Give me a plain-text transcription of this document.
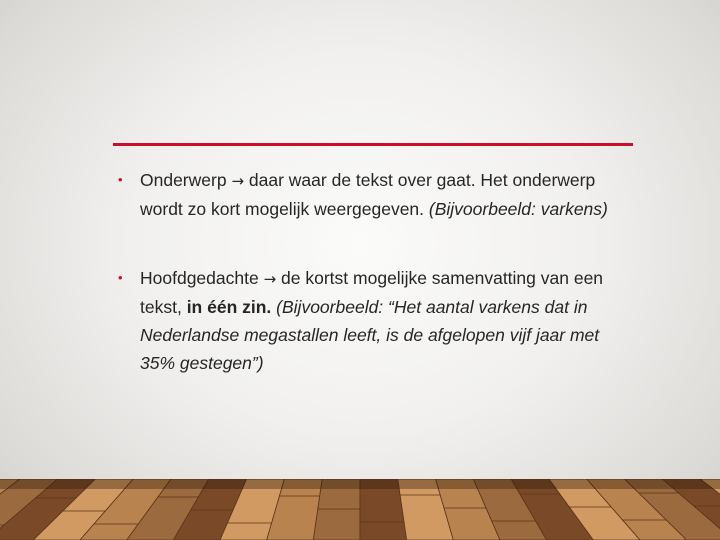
• Onderwerp → daar waar de tekst over gaat. Het onderwerp wordt zo kort mogelijk weergegeven. (Bijvoorbeeld: varkens)

• Hoofdgedachte → de kortst mogelijke samenvatting van een tekst, in één zin. (Bijvoorbeeld: “Het aantal varkens dat in Nederlandse megastallen leeft, is de afgelopen vijf jaar met 35% gestegen”)
